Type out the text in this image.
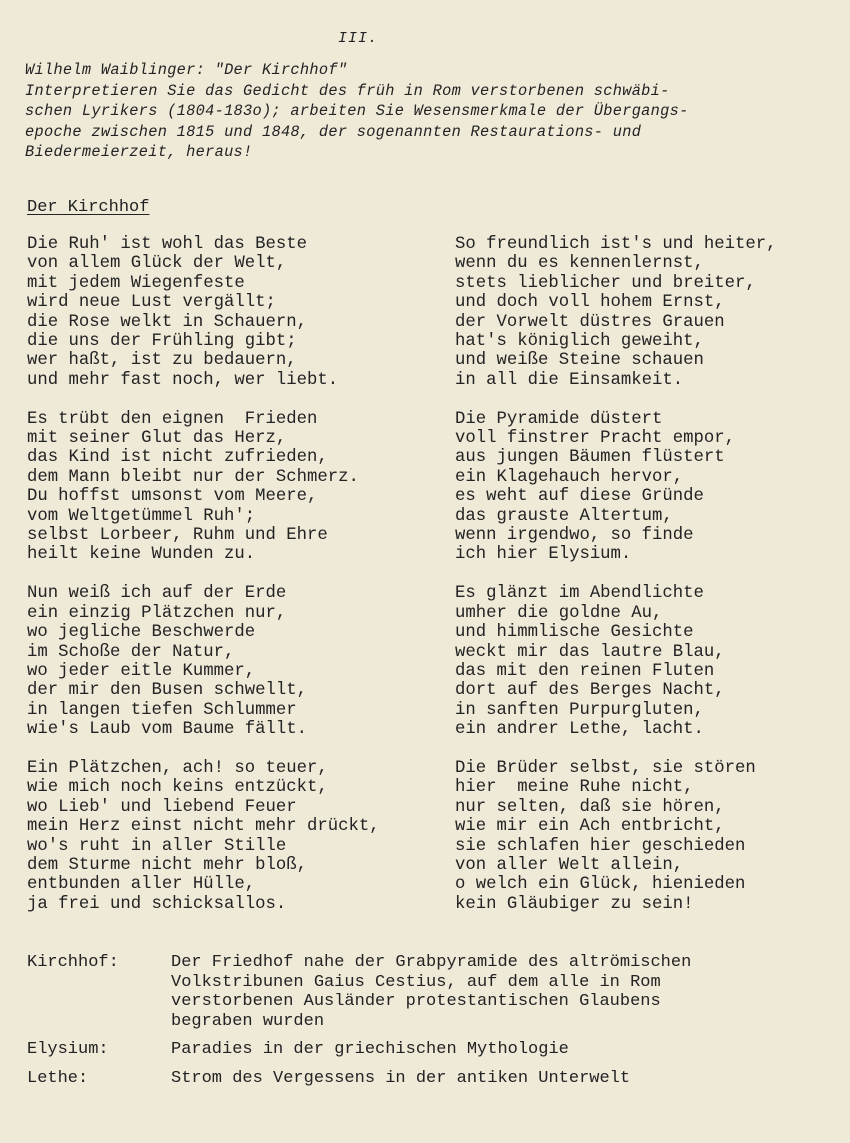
III.
Wilhelm Waiblinger: "Der Kirchhof"
Interpretieren Sie das Gedicht des früh in Rom verstorbenen schwäbi-
schen Lyrikers (1804-183o); arbeiten Sie Wesensmerkmale der Übergangs-
epoche zwischen 1815 und 1848, der sogenannten Restaurations- und
Biedermeierzeit, heraus!
Der Kirchhof
Die Ruh' ist wohl das Beste
von allem Glück der Welt,
mit jedem Wiegenfeste
wird neue Lust vergällt;
die Rose welkt in Schauern,
die uns der Frühling gibt;
wer haßt, ist zu bedauern,
und mehr fast noch, wer liebt.
Es trübt den eignen  Frieden
mit seiner Glut das Herz,
das Kind ist nicht zufrieden,
dem Mann bleibt nur der Schmerz.
Du hoffst umsonst vom Meere,
vom Weltgetümmel Ruh';
selbst Lorbeer, Ruhm und Ehre
heilt keine Wunden zu.
Nun weiß ich auf der Erde
ein einzig Plätzchen nur,
wo jegliche Beschwerde
im Schoße der Natur,
wo jeder eitle Kummer,
der mir den Busen schwellt,
in langen tiefen Schlummer
wie's Laub vom Baume fällt.
Ein Plätzchen, ach! so teuer,
wie mich noch keins entzückt,
wo Lieb' und liebend Feuer
mein Herz einst nicht mehr drückt,
wo's ruht in aller Stille
dem Sturme nicht mehr bloß,
entbunden aller Hülle,
ja frei und schicksallos.
So freundlich ist's und heiter,
wenn du es kennenlernst,
stets lieblicher und breiter,
und doch voll hohem Ernst,
der Vorwelt düstres Grauen
hat's königlich geweiht,
und weiße Steine schauen
in all die Einsamkeit.
Die Pyramide düstert
voll finstrer Pracht empor,
aus jungen Bäumen flüstert
ein Klagehauch hervor,
es weht auf diese Gründe
das grauste Altertum,
wenn irgendwo, so finde
ich hier Elysium.
Es glänzt im Abendlichte
umher die goldne Au,
und himmlische Gesichte
weckt mir das lautre Blau,
das mit den reinen Fluten
dort auf des Berges Nacht,
in sanften Purpurgluten,
ein andrer Lethe, lacht.
Die Brüder selbst, sie stören
hier  meine Ruhe nicht,
nur selten, daß sie hören,
wie mir ein Ach entbricht,
sie schlafen hier geschieden
von aller Welt allein,
o welch ein Glück, hienieden
kein Gläubiger zu sein!
Kirchhof:	Der Friedhof nahe der Grabpyramide des altrömischen
Volkstribunen Gaius Cestius, auf dem alle in Rom
verstorbenen Ausländer protestantischen Glaubens
begraben wurden
Elysium:	Paradies in der griechischen Mythologie
Lethe:	Strom des Vergessens in der antiken Unterwelt
